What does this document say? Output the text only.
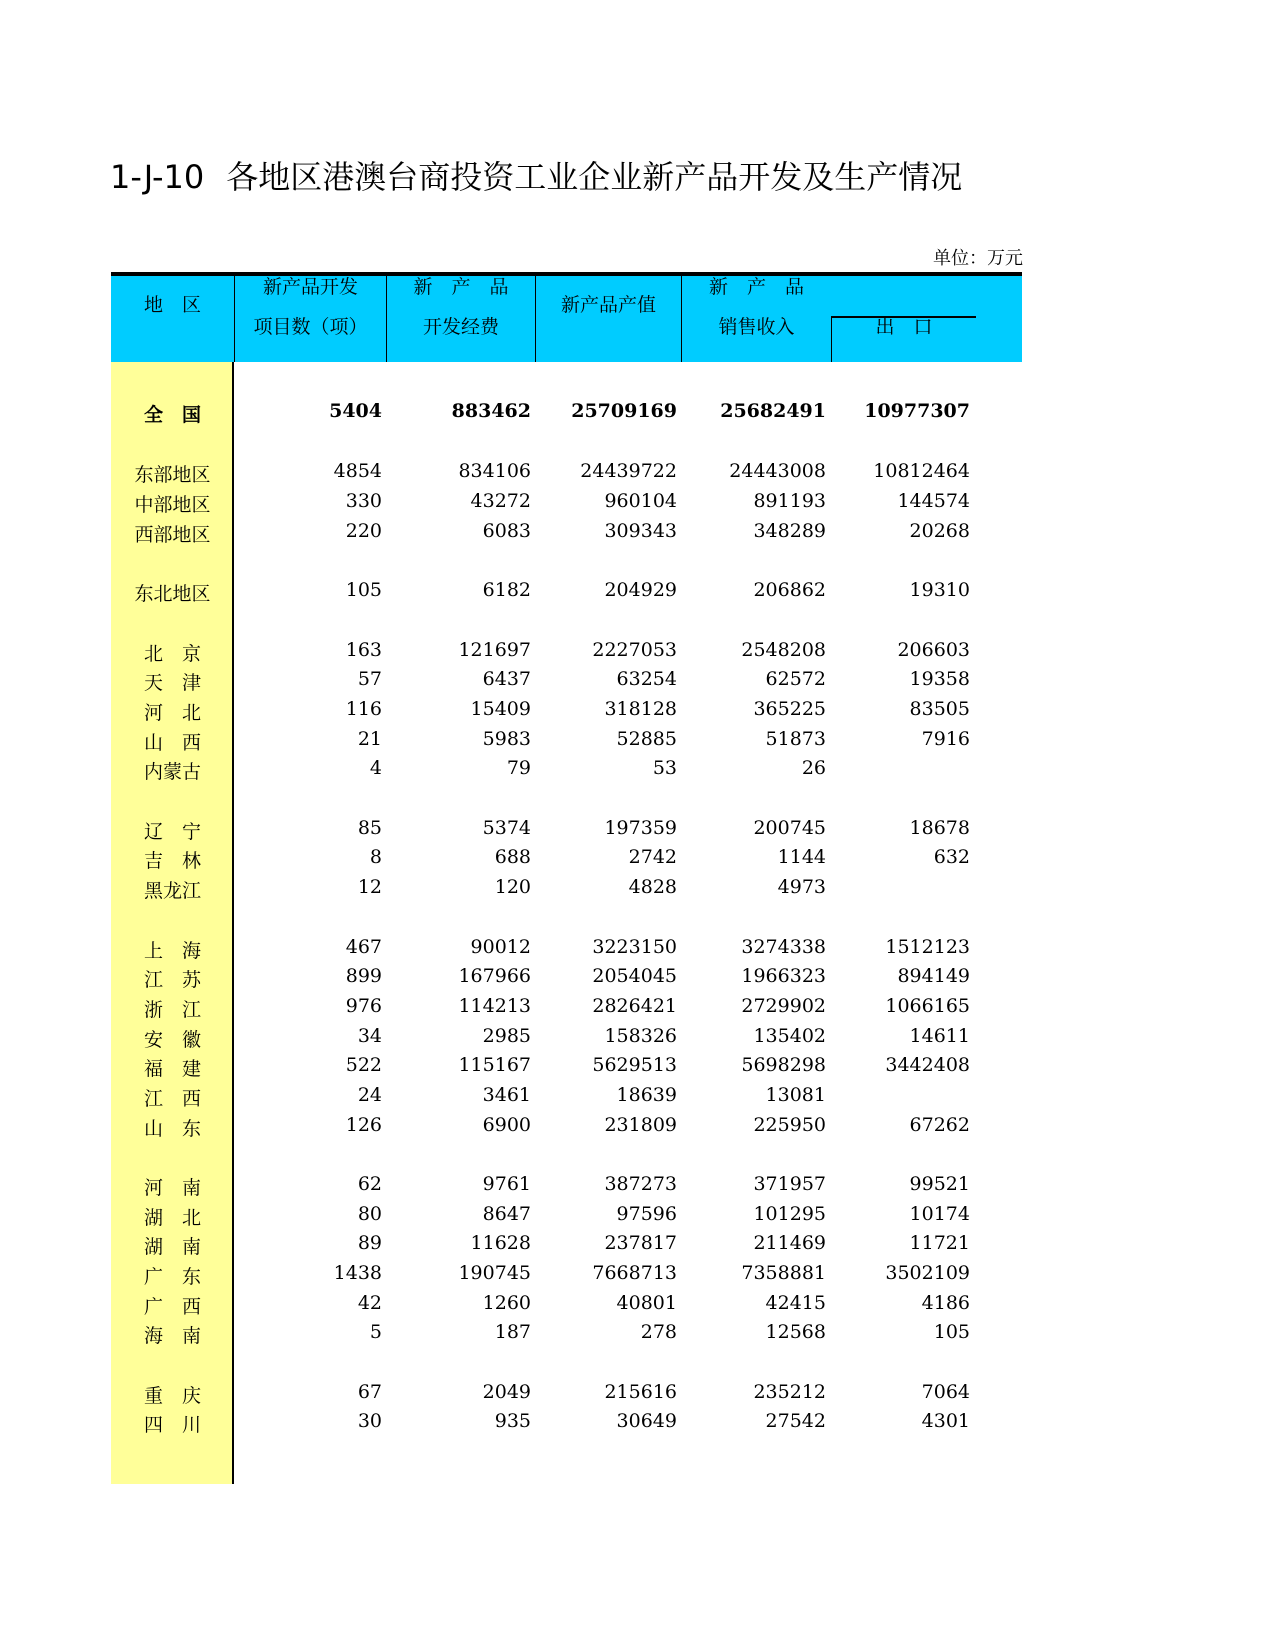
1-J-10 各地区港澳台商投资工业企业新产品开发及生产情况
单位：万元
地　区
新产品开发
项目数（项）
新　产　品
开发经费
新产品产值
新　产　品
销售收入	出　口
全　国	5404	883462 25709169 25682491 10977307
东部地区	4854	834106	24439722	24443008 10812464
中部地区	330	43272	960104	891193	144574
西部地区	220	6083	309343	348289	20268
东北地区	105	6182	204929	206862	19310
北　京	163	121697	2227053	2548208	206603
天　津	57	6437	63254	62572	19358
河　北	116	15409	318128	365225	83505
山　西	21	5983	52885	51873	7916
内蒙古	4	79	53	26
辽　宁	85	5374	197359	200745	18678
吉　林	8	688	2742	1144	632
黑龙江	12	120	4828	4973
上　海	467	90012	3223150	3274338	1512123
江　苏	899	167966	2054045	1966323	894149
浙　江	976	114213	2826421	2729902	1066165
安　徽	34	2985	158326	135402	14611
福　建	522	115167	5629513	5698298	3442408
江　西	24	3461	18639	13081
山　东	126	6900	231809	225950	67262
河　南	62	9761	387273	371957	99521
湖　北	80	8647	97596	101295	10174
湖　南	89	11628	237817	211469	11721
广　东	1438	190745	7668713	7358881	3502109
广　西	42	1260	40801	42415	4186
海　南	5	187	278	12568	105
重　庆	67	2049	215616	235212	7064
四　川	30	935	30649	27542	4301
